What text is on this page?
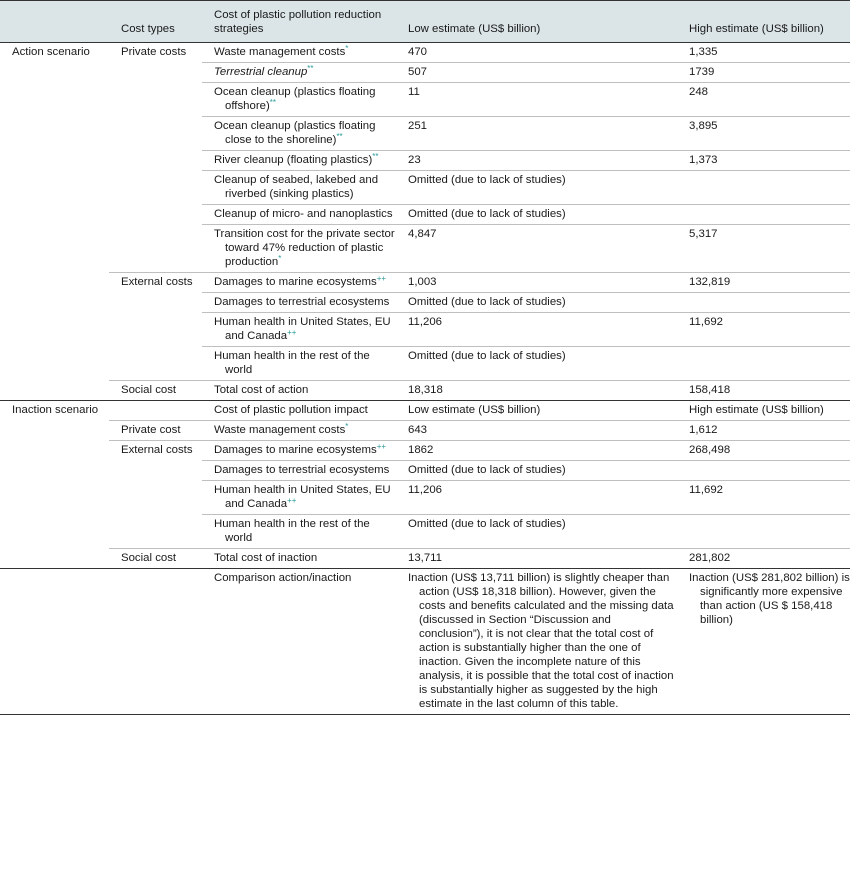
	Cost types	Cost of plastic pollution reduction strategies	Low estimate (US$ billion)	High estimate (US$ billion)
Action scenario	Private costs	Waste management costs*	470	1,335

		Terrestrial cleanup**	507	1739

		Ocean cleanup (plastics floating offshore)**	11	248

		Ocean cleanup (plastics floating close to the shoreline)**	251	3,895

		River cleanup (floating plastics)**	23	1,373

		Cleanup of seabed, lakebed and riverbed (sinking plastics)	Omitted (due to lack of studies)	

		Cleanup of micro- and nanoplastics	Omitted (due to lack of studies)	

		Transition cost for the private sector toward 47% reduction of plastic production*	4,847	5,317
	External costs	Damages to marine ecosystems++	1,003	132,819

		Damages to terrestrial ecosystems	Omitted (due to lack of studies)	

		Human health in United States, EU and Canada++	11,206	11,692

		Human health in the rest of the world	Omitted (due to lack of studies)	
	Social cost	Total cost of action	18,318	158,418
Inaction scenario		Cost of plastic pollution impact	Low estimate (US$ billion)	High estimate (US$ billion)
	Private cost	Waste management costs*	643	1,612
	External costs	Damages to marine ecosystems++	1862	268,498

		Damages to terrestrial ecosystems	Omitted (due to lack of studies)	

		Human health in United States, EU and Canada++	11,206	11,692

		Human health in the rest of the world	Omitted (due to lack of studies)	
	Social cost	Total cost of inaction	13,711	281,802

		Comparison action/inaction	Inaction (US$ 13,711 billion) is slightly cheaper than action (US$ 18,318 billion). However, given the costs and benefits calculated and the missing data (discussed in Section “Discussion and conclusion”), it is not clear that the total cost of action is substantially higher than the one of inaction. Given the incomplete nature of this analysis, it is possible that the total cost of inaction is substantially higher as suggested by the high estimate in the last column of this table.	Inaction (US$ 281,802 billion) is significantly more expensive than action (US $ 158,418 billion)
